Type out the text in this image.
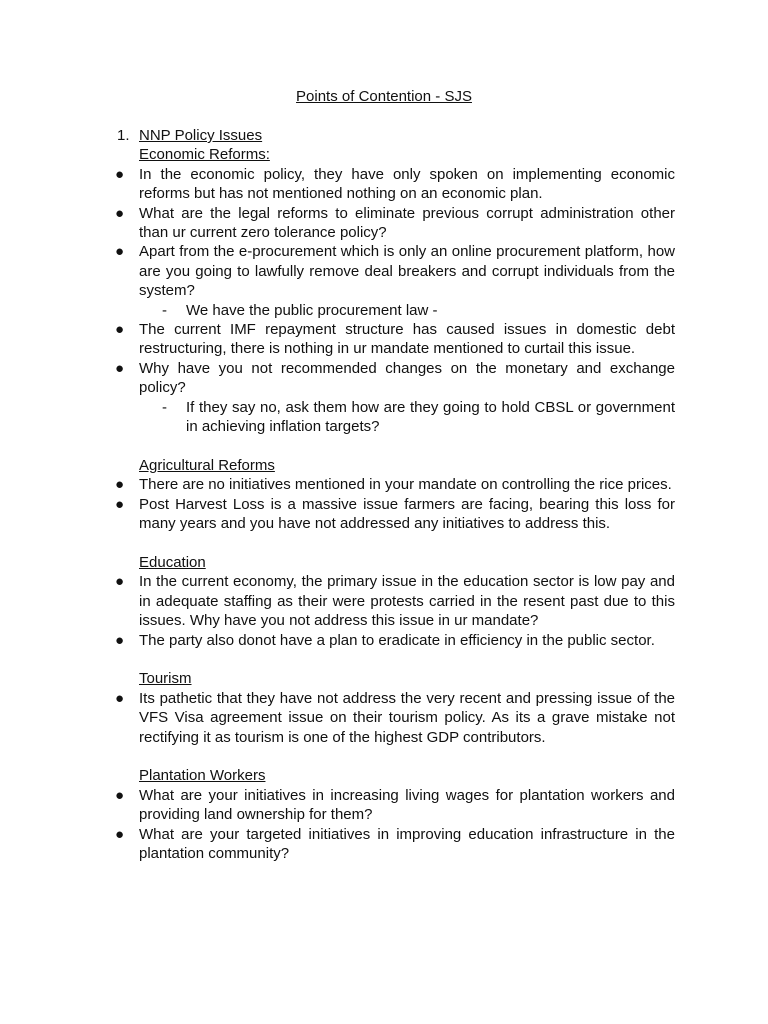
Points of Contention - SJS
1. NNP Policy Issues
Economic Reforms:
● In the economic policy, they have only spoken on implementing economic reforms but has not mentioned nothing on an economic plan.
● What are the legal reforms to eliminate previous corrupt administration other than ur current zero tolerance policy?
● Apart from the e-procurement which is only an online procurement platform, how are you going to lawfully remove deal breakers and corrupt individuals from the system?
- We have the public procurement law -
● The current IMF repayment structure has caused issues in domestic debt restructuring, there is nothing in ur mandate mentioned to curtail this issue.
● Why have you not recommended changes on the monetary and exchange policy?
- If they say no, ask them how are they going to hold CBSL or government in achieving inflation targets?
Agricultural Reforms
● There are no initiatives mentioned in your mandate on controlling the rice prices.
● Post Harvest Loss is a massive issue farmers are facing, bearing this loss for many years and you have not addressed any initiatives to address this.
Education
● In the current economy, the primary issue in the education sector is low pay and in adequate staffing as their were protests carried in the resent past due to this issues. Why have you not address this issue in ur mandate?
● The party also donot have a plan to eradicate in efficiency in the public sector.
Tourism
● Its pathetic that they have not address the very recent and pressing issue of the VFS Visa agreement issue on their tourism policy. As its a grave mistake not rectifying it as tourism is one of the highest GDP contributors.
Plantation Workers
● What are your initiatives in increasing living wages for plantation workers and providing land ownership for them?
● What are your targeted initiatives in improving education infrastructure in the plantation community?
